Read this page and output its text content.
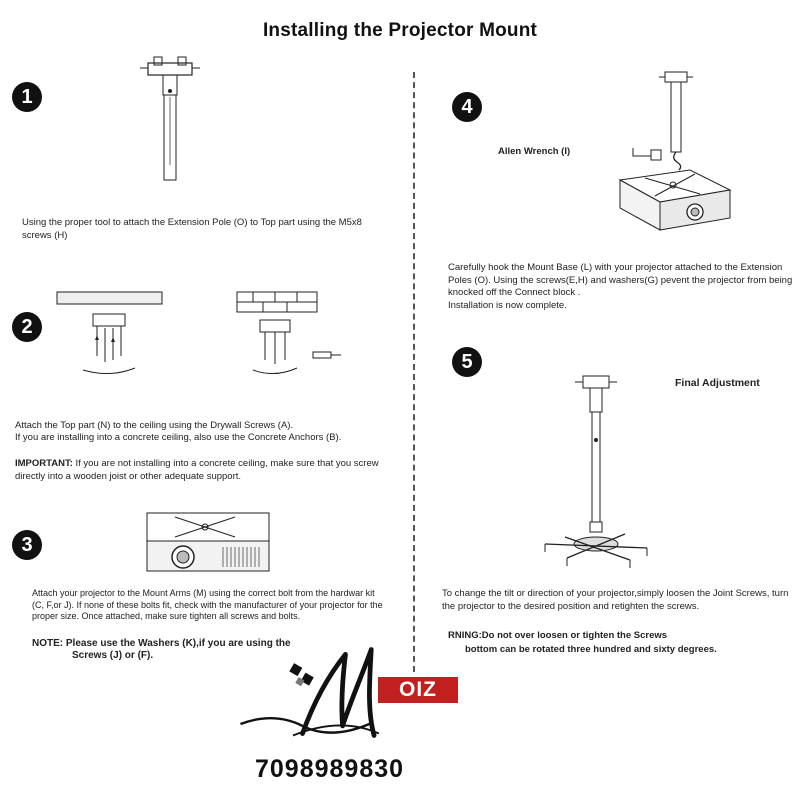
Installing the Projector Mount
1
Using the proper tool to attach the Extension Pole (O) to Top part using the M5x8 screws (H)
2
Attach the Top part (N) to the ceiling using the Drywall Screws (A).
If you are installing into a concrete ceiling, also use the Concrete Anchors (B).
IMPORTANT: If you are not installing into a concrete ceiling, make sure that you screw directly into a wooden joist or other adequate support.
3
Attach your projector to the Mount Arms (M) using the correct bolt from the hardwar kit (C, F,or J). If none of these bolts fit, check with the manufacturer of your projector for the proper size. Once attached, make sure tighten all screws and bolts.
NOTE: Please use the Washers (K),if you are using the
Screws (J) or (F).
4
Allen Wrench (I)
Carefully hook the Mount Base (L) with your projector attached to the Extension Poles (O). Using the screws(E,H) and washers(G) pevent the projector from being knocked off the Connect block .
Installation is now complete.
5
Final Adjustment
To change the tilt or direction of your projector,simply loosen the Joint Screws, turn the projector to the desired position and retighten the screws.
RNING:Do not over loosen or tighten the Screws
bottom can be rotated three hundred and sixty degrees.
OIZ
7098989830
